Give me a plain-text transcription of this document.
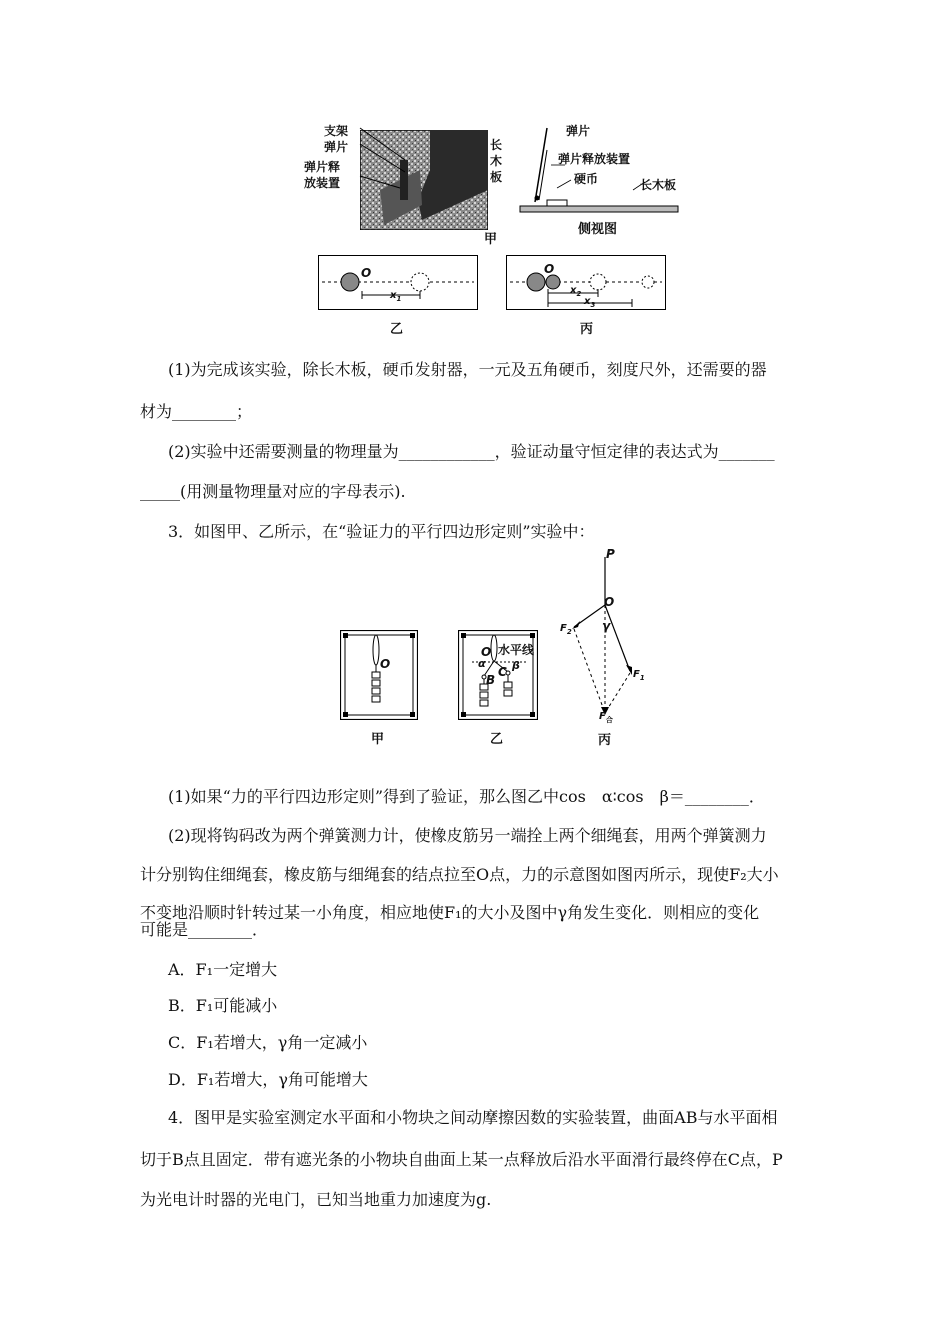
支架
弹片
弹片释
放装置
长
木
板
甲
弹片
弹片释放装置
硬币	长木板
侧视图
O
$x_1$
乙
O
$x_2$
$x_3$
丙
(1)为完成该实验，除长木板，硬币发射器，一元及五角硬币，刻度尺外，还需要的器
材为________；
(2)实验中还需要测量的物理量为____________，验证动量守恒定律的表达式为_______
_____(用测量物理量对应的字母表示).
3．如图甲、乙所示，在“验证力的平行四边形定则”实验中：
O
甲
O 水平线
α β
B
C
乙
P
O
γ
$F_2$
$F_1$
$F_合$
丙
(1)如果“力的平行四边形定则”得到了验证，那么图乙中cos　α∶cos　β＝________．
(2)现将钩码改为两个弹簧测力计，使橡皮筋另一端拴上两个细绳套，用两个弹簧测力
计分别钩住细绳套，橡皮筋与细绳套的结点拉至O点，力的示意图如图丙所示，现使F₂大小
不变地沿顺时针转过某一小角度，相应地使F₁的大小及图中γ角发生变化．则相应的变化
可能是________．
A．F₁一定增大
B．F₁可能减小
C．F₁若增大，γ角一定减小
D．F₁若增大，γ角可能增大
4．图甲是实验室测定水平面和小物块之间动摩擦因数的实验装置，曲面AB与水平面相
切于B点且固定．带有遮光条的小物块自曲面上某一点释放后沿水平面滑行最终停在C点，P
为光电计时器的光电门，已知当地重力加速度为g.
